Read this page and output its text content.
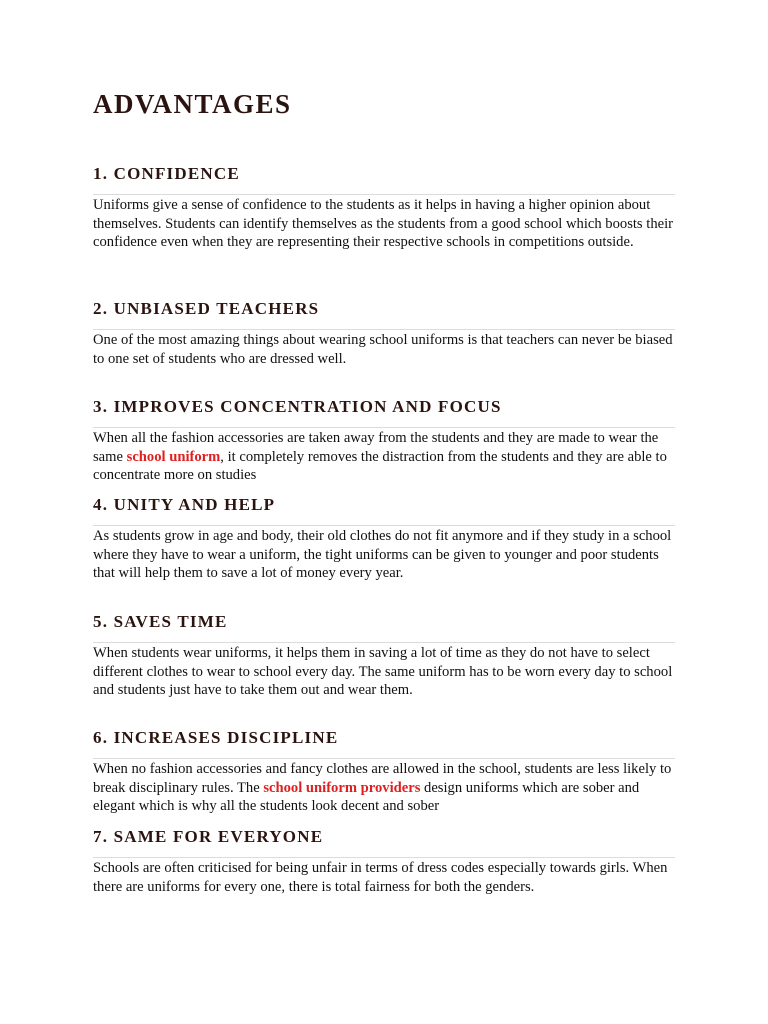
ADVANTAGES
1. CONFIDENCE

Uniforms give a sense of confidence to the students as it helps in having a higher opinion about themselves. Students can identify themselves as the students from a good school which boosts their confidence even when they are representing their respective schools in competitions outside.

2. UNBIASED TEACHERS

One of the most amazing things about wearing school uniforms is that teachers can never be biased to one set of students who are dressed well.

3. IMPROVES CONCENTRATION AND FOCUS

When all the fashion accessories are taken away from the students and they are made to wear the same school uniform, it completely removes the distraction from the students and they are able to concentrate more on studies

4. UNITY AND HELP

As students grow in age and body, their old clothes do not fit anymore and if they study in a school where they have to wear a uniform, the tight uniforms can be given to younger and poor students that will help them to save a lot of money every year.

5. SAVES TIME

When students wear uniforms, it helps them in saving a lot of time as they do not have to select different clothes to wear to school every day. The same uniform has to be worn every day to school and students just have to take them out and wear them.

6. INCREASES DISCIPLINE

When no fashion accessories and fancy clothes are allowed in the school, students are less likely to break disciplinary rules. The school uniform providers design uniforms which are sober and elegant which is why all the students look decent and sober

7. SAME FOR EVERYONE

Schools are often criticised for being unfair in terms of dress codes especially towards girls. When there are uniforms for every one, there is total fairness for both the genders.
